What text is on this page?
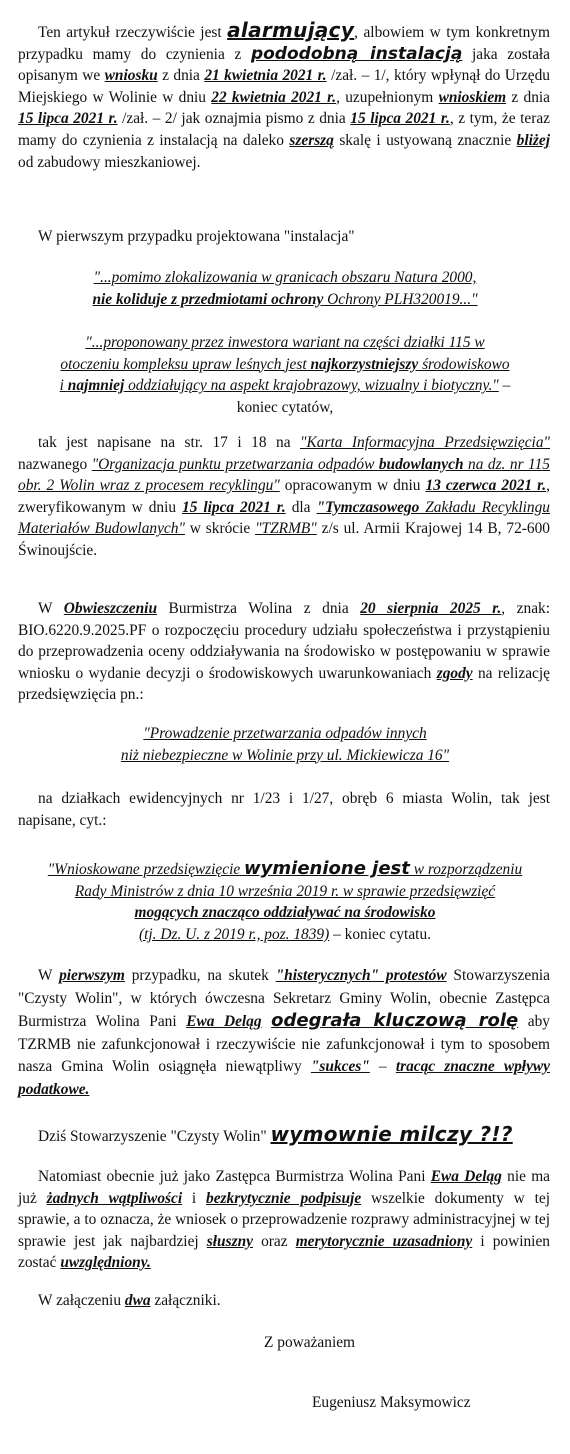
Ten artykuł rzeczywiście jest alarmujący, albowiem w tym konkretnym przypadku mamy do czynienia z pododobną instalacją jaka została opisanym we wniosku z dnia 21 kwietnia 2021 r. /zał. – 1/, który wpłynął do Urzędu Miejskiego w Wolinie w dniu 22 kwietnia 2021 r., uzupełnionym wnioskiem z dnia 15 lipca 2021 r. /zał. – 2/ jak oznajmia pismo z dnia 15 lipca 2021 r., z tym, że teraz mamy do czynienia z instalacją na daleko szerszą skalę i ustyowaną znacznie bliżej od zabudowy mieszkaniowej.

W pierwszym przypadku projektowana "instalacja"

"...pomimo zlokalizowania w granicach obszaru Natura 2000,
nie koliduje z przedmiotami ochrony Ochrony PLH320019..."
"...proponowany przez inwestora wariant na części działki 115 w
otoczeniu kompleksu upraw leśnych jest najkorzystniejszy środowiskowo
i najmniej oddziałujący na aspekt krajobrazowy, wizualny i biotyczny." –
koniec cytatów,

tak jest napisane na str. 17 i 18 na "Karta Informacyjna Przedsięwzięcia" nazwanego "Organizacja punktu przetwarzania odpadów budowlanych na dz. nr 115 obr. 2 Wolin wraz z procesem recyklingu" opracowanym w dniu 13 czerwca 2021 r., zweryfikowanym w dniu 15 lipca 2021 r. dla "Tymczasowego Zakładu Recyklingu Materiałów Budowlanych" w skrócie "TZRMB" z/s ul. Armii Krajowej 14 B, 72-600 Świnoujście.

W Obwieszczeniu Burmistrza Wolina z dnia 20 sierpnia 2025 r., znak: BIO.6220.9.2025.PF o rozpoczęciu procedury udziału społeczeństwa i przystąpieniu do przeprowadzenia oceny oddziaływania na środowisko w postępowaniu w sprawie wniosku o wydanie decyzji o środowiskowych uwarunkowaniach zgody na relizację przedsięwzięcia pn.:

"Prowadzenie przetwarzania odpadów innych
niż niebezpieczne w Wolinie przy ul. Mickiewicza 16"

na działkach ewidencyjnych nr 1/23 i 1/27, obręb 6 miasta Wolin, tak jest napisane, cyt.:

"Wnioskowane przedsięwzięcie wymienione jest w rozporządzeniu
Rady Ministrów z dnia 10 września 2019 r. w sprawie przedsięwzięć
mogących znacząco oddziaływać na środowisko
(tj. Dz. U. z 2019 r., poz. 1839) – koniec cytatu.

W pierwszym przypadku, na skutek "histerycznych" protestów Stowarzyszenia "Czysty Wolin", w których ówczesna Sekretarz Gminy Wolin, obecnie Zastępca Burmistrza Wolina Pani Ewa Deląg odegrała kluczową rolę aby TZRMB nie zafunkcjonował i rzeczywiście nie zafunkcjonował i tym to sposobem nasza Gmina Wolin osiągnęła niewątpliwy "sukces" – tracąc znaczne wpływy podatkowe.

Dziś Stowarzyszenie "Czysty Wolin" wymownie milczy ?!?

Natomiast obecnie już jako Zastępca Burmistrza Wolina Pani Ewa Deląg nie ma już żadnych wątpliwości i bezkrytycznie podpisuje wszelkie dokumenty w tej sprawie, a to oznacza, że wniosek o przeprowadzenie rozprawy administracyjnej w tej sprawie jest jak najbardziej słuszny oraz merytorycznie uzasadniony i powinien zostać uwzględniony.

W załączeniu dwa załączniki.

Z poważaniem

Eugeniusz Maksymowicz
